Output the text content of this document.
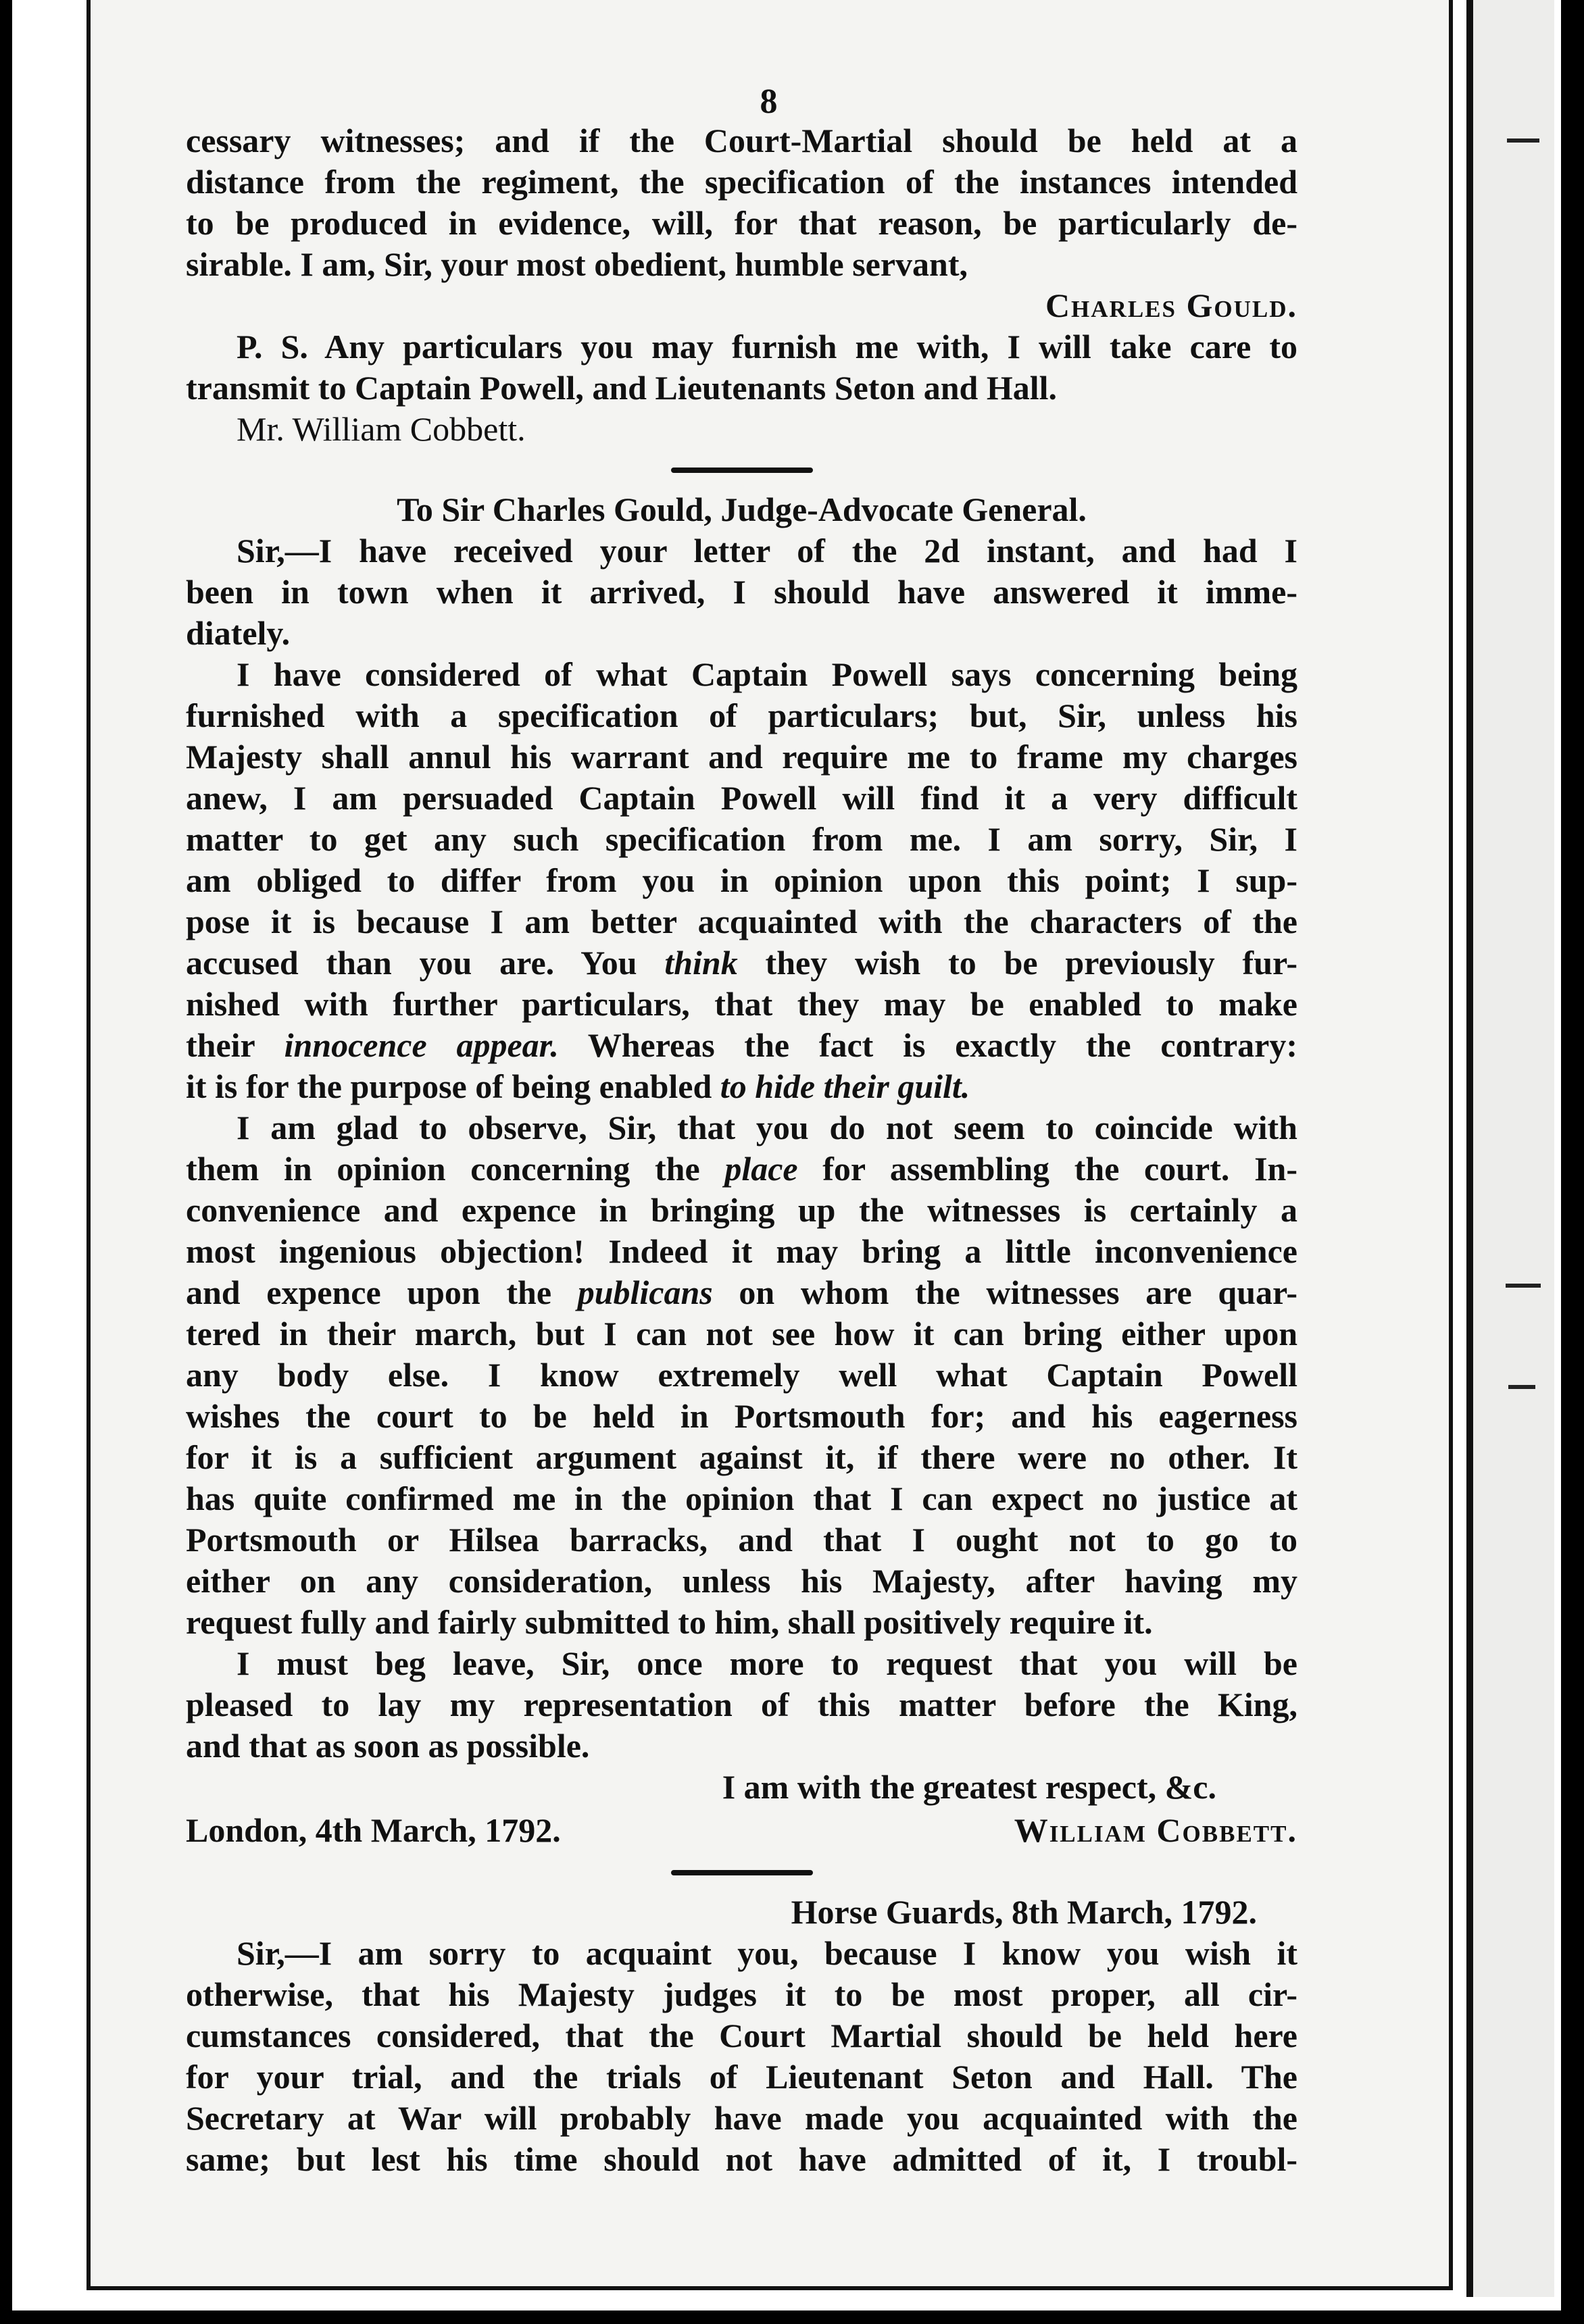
8
cessary witnesses; and if the Court-Martial should be held at a
distance from the regiment, the specification of the instances intended
to be produced in evidence, will, for that reason, be particularly de-
sirable. I am, Sir, your most obedient, humble servant,
Charles Gould.
P. S. Any particulars you may furnish me with, I will take care to
transmit to Captain Powell, and Lieutenants Seton and Hall.
Mr. William Cobbett.
To Sir Charles Gould, Judge-Advocate General.
Sir,—I have received your letter of the 2d instant, and had I
been in town when it arrived, I should have answered it imme-
diately.
I have considered of what Captain Powell says concerning being
furnished with a specification of particulars; but, Sir, unless his
Majesty shall annul his warrant and require me to frame my charges
anew, I am persuaded Captain Powell will find it a very difficult
matter to get any such specification from me. I am sorry, Sir, I
am obliged to differ from you in opinion upon this point; I sup-
pose it is because I am better acquainted with the characters of the
accused than you are. You think they wish to be previously fur-
nished with further particulars, that they may be enabled to make
their innocence appear. Whereas the fact is exactly the contrary:
it is for the purpose of being enabled to hide their guilt.
I am glad to observe, Sir, that you do not seem to coincide with
them in opinion concerning the place for assembling the court. In-
convenience and expence in bringing up the witnesses is certainly a
most ingenious objection! Indeed it may bring a little inconvenience
and expence upon the publicans on whom the witnesses are quar-
tered in their march, but I can not see how it can bring either upon
any body else. I know extremely well what Captain Powell
wishes the court to be held in Portsmouth for; and his eagerness
for it is a sufficient argument against it, if there were no other. It
has quite confirmed me in the opinion that I can expect no justice at
Portsmouth or Hilsea barracks, and that I ought not to go to
either on any consideration, unless his Majesty, after having my
request fully and fairly submitted to him, shall positively require it.
I must beg leave, Sir, once more to request that you will be
pleased to lay my representation of this matter before the King,
and that as soon as possible.
I am with the greatest respect, &c.
London, 4th March, 1792.	William Cobbett.
Horse Guards, 8th March, 1792.
Sir,—I am sorry to acquaint you, because I know you wish it
otherwise, that his Majesty judges it to be most proper, all cir-
cumstances considered, that the Court Martial should be held here
for your trial, and the trials of Lieutenant Seton and Hall. The
Secretary at War will probably have made you acquainted with the
same; but lest his time should not have admitted of it, I troubl-
